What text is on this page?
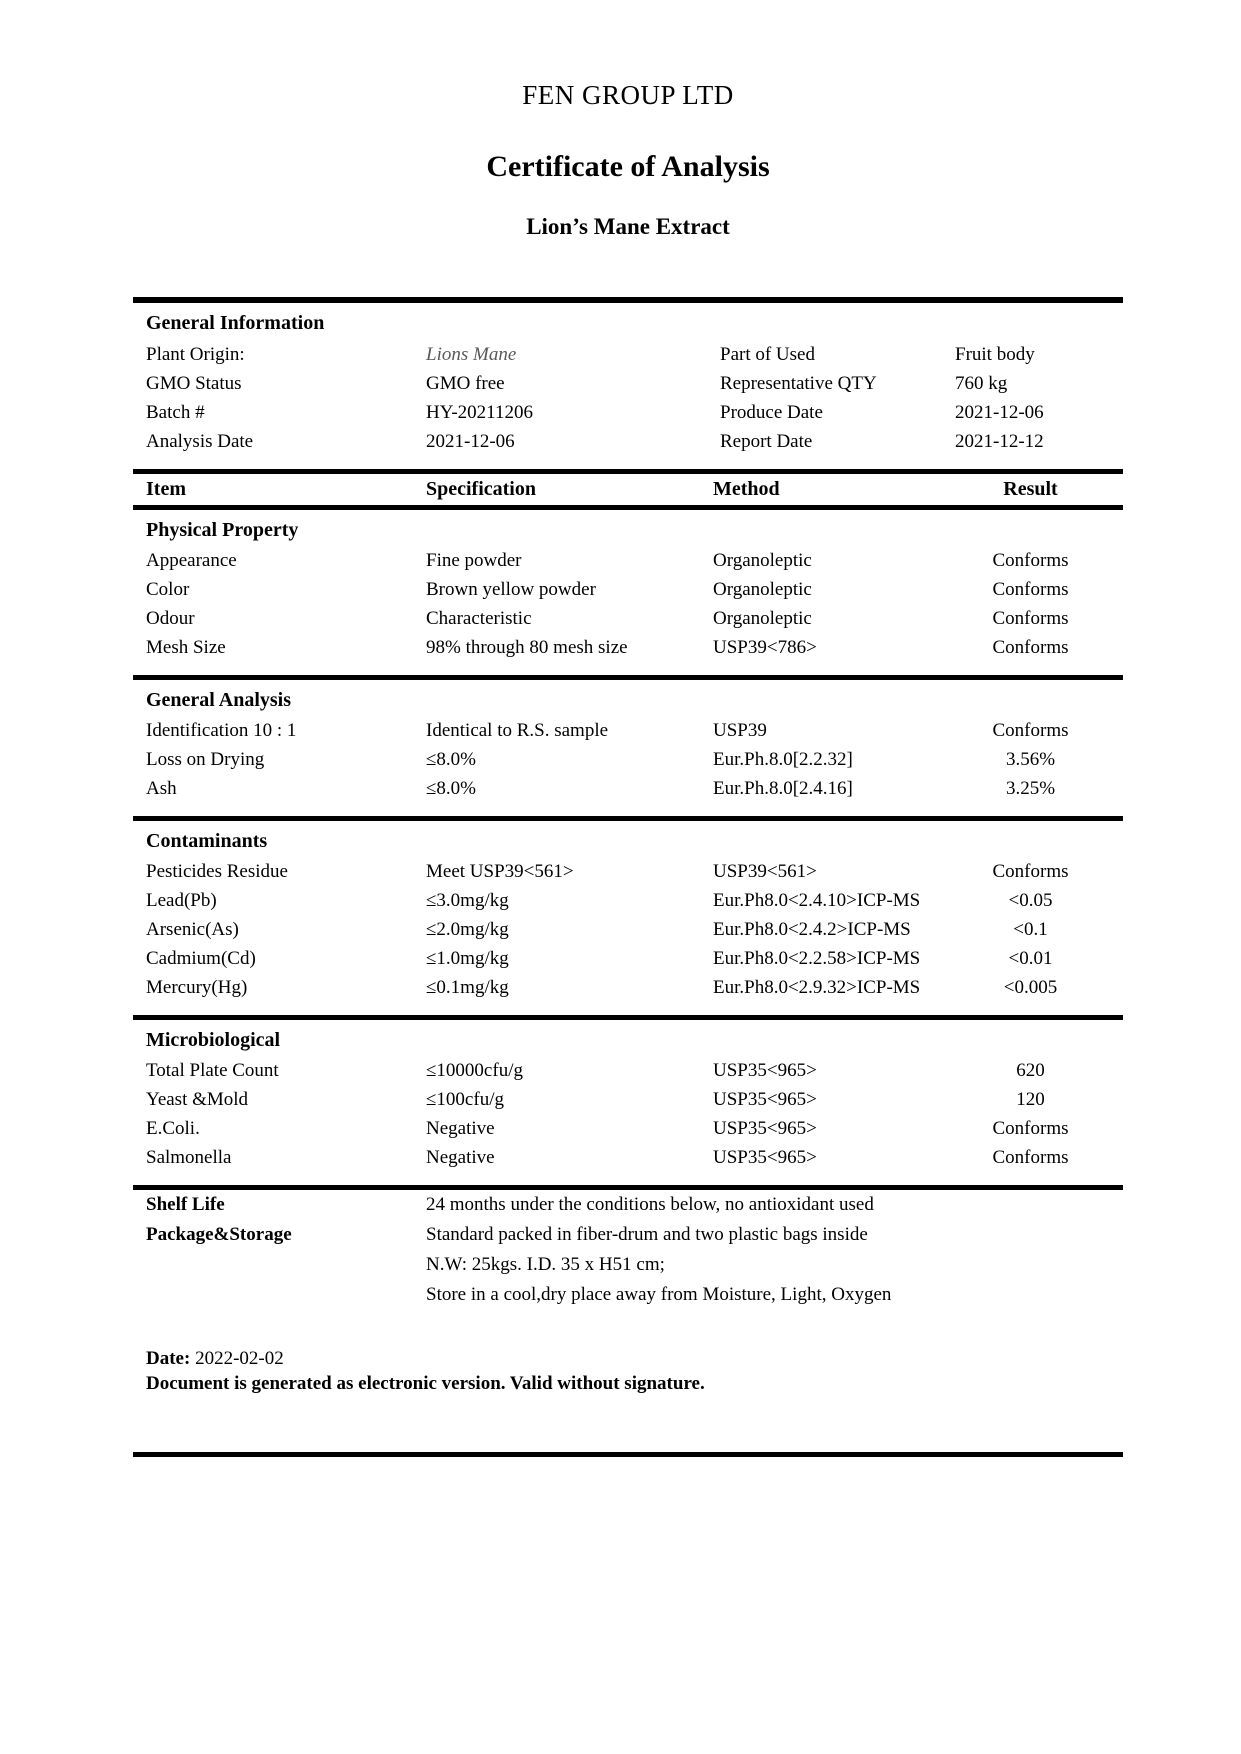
FEN GROUP LTD
Certificate of Analysis
Lion’s Mane Extract
General Information
Plant Origin:	Lions Mane	Part of Used	Fruit body
GMO Status	GMO free	Representative QTY	760 kg
Batch #	HY-20211206	Produce Date	2021-12-06
Analysis Date	2021-12-06	Report Date	2021-12-12
Item	Specification	Method	Result
Physical Property
Appearance	Fine powder	Organoleptic	Conforms
Color	Brown yellow powder	Organoleptic	Conforms
Odour	Characteristic	Organoleptic	Conforms
Mesh Size	98% through 80 mesh size	USP39<786>	Conforms
General Analysis
Identification 10 : 1	Identical to R.S. sample	USP39	Conforms
Loss on Drying	≤8.0%	Eur.Ph.8.0[2.2.32]	3.56%
Ash	≤8.0%	Eur.Ph.8.0[2.4.16]	3.25%
Contaminants
Pesticides Residue	Meet USP39<561>	USP39<561>	Conforms
Lead(Pb)	≤3.0mg/kg	Eur.Ph8.0<2.4.10>ICP-MS	<0.05
Arsenic(As)	≤2.0mg/kg	Eur.Ph8.0<2.4.2>ICP-MS	<0.1
Cadmium(Cd)	≤1.0mg/kg	Eur.Ph8.0<2.2.58>ICP-MS	<0.01
Mercury(Hg)	≤0.1mg/kg	Eur.Ph8.0<2.9.32>ICP-MS	<0.005
Microbiological
Total Plate Count	≤10000cfu/g	USP35<965>	620
Yeast &Mold	≤100cfu/g	USP35<965>	120
E.Coli.	Negative	USP35<965>	Conforms
Salmonella	Negative	USP35<965>	Conforms
Shelf Life	24 months under the conditions below, no antioxidant used
Package&Storage	Standard packed in fiber-drum and two plastic bags inside
N.W: 25kgs. I.D. 35 x H51 cm;
Store in a cool,dry place away from Moisture, Light, Oxygen
Date: 2022-02-02
Document is generated as electronic version. Valid without signature.
